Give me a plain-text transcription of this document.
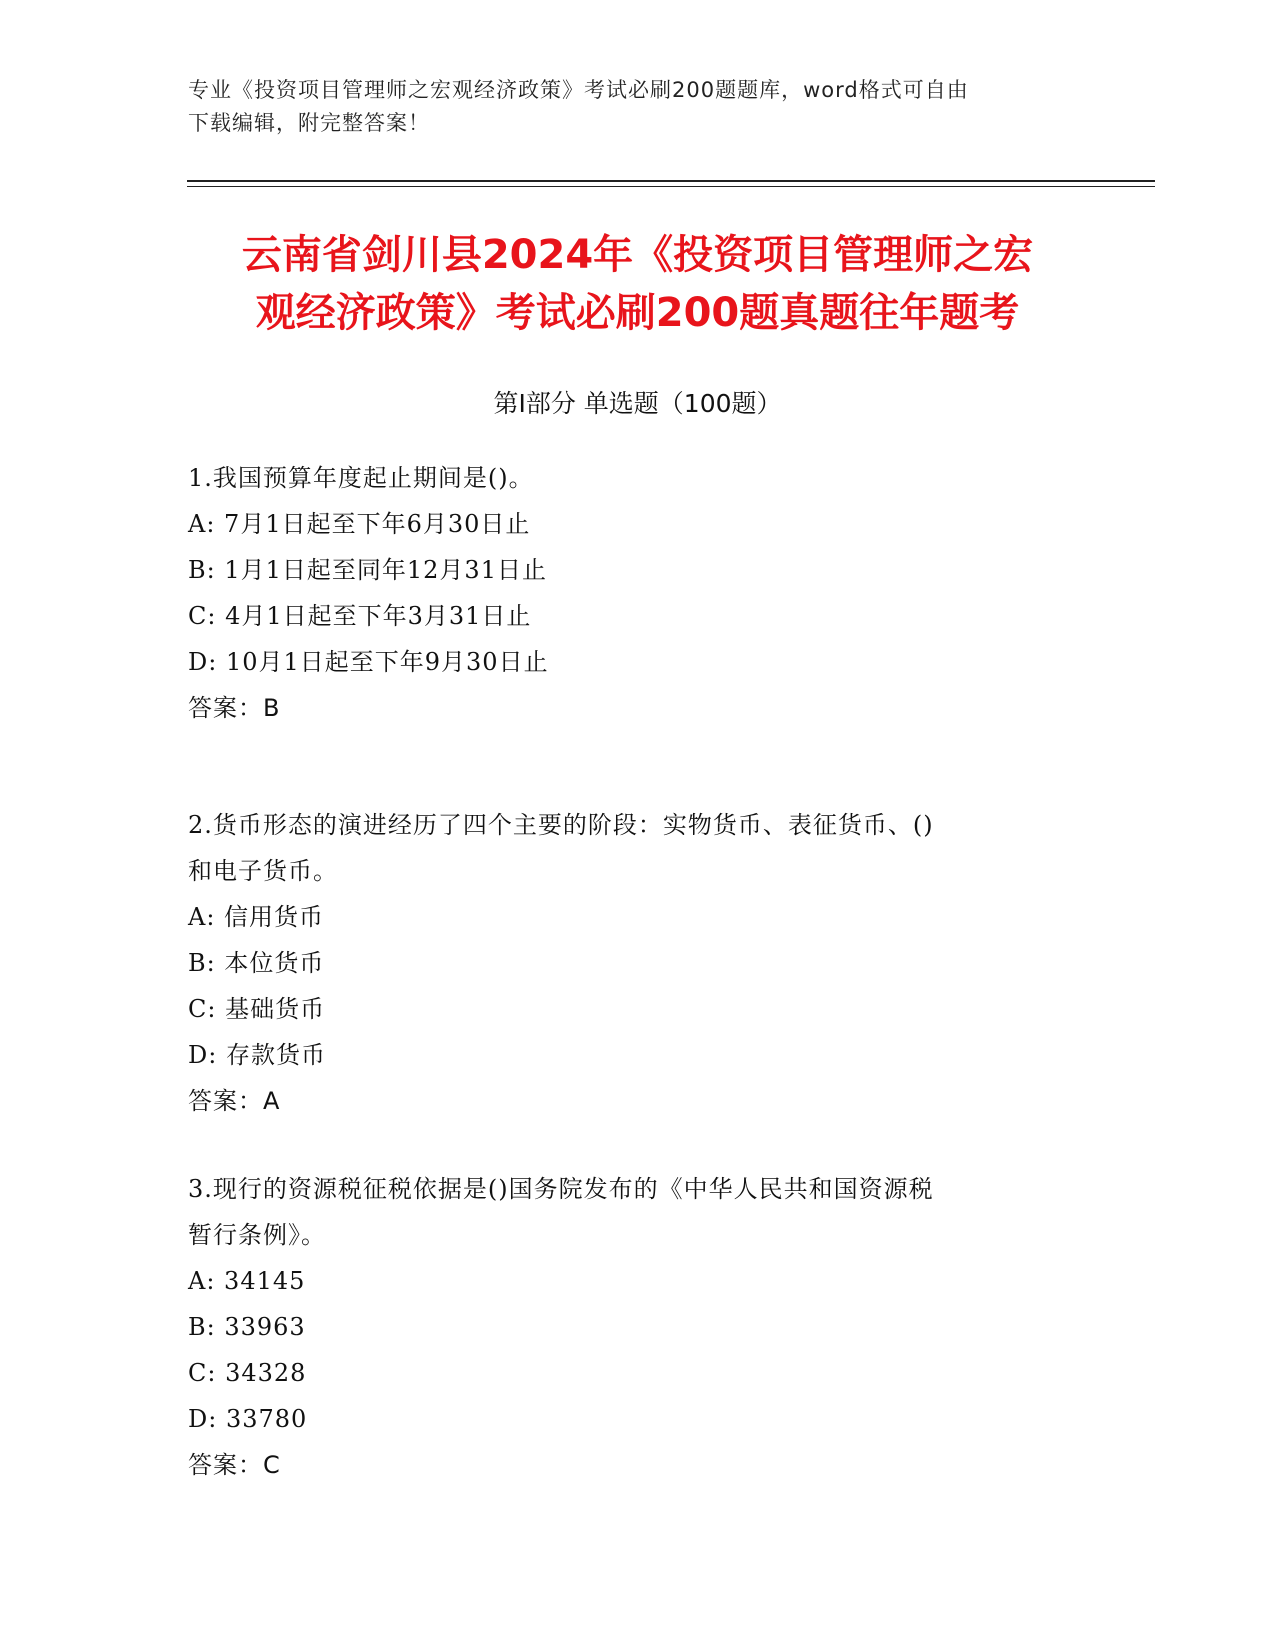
专业《投资项目管理师之宏观经济政策》考试必刷200题题库，word格式可自由
下载编辑，附完整答案！
云南省剑川县2024年《投资项目管理师之宏
观经济政策》考试必刷200题真题往年题考
第Ⅰ部分 单选题（100题）
1.我国预算年度起止期间是()。
A: 7月1日起至下年6月30日止
B: 1月1日起至同年12月31日止
C: 4月1日起至下年3月31日止
D: 10月1日起至下年9月30日止
答案：B
2.货币形态的演进经历了四个主要的阶段：实物货币、表征货币、()
和电子货币。
A: 信用货币
B: 本位货币
C: 基础货币
D: 存款货币
答案：A
3.现行的资源税征税依据是()国务院发布的《中华人民共和国资源税
暂行条例》。
A: 34145
B: 33963
C: 34328
D: 33780
答案：C
